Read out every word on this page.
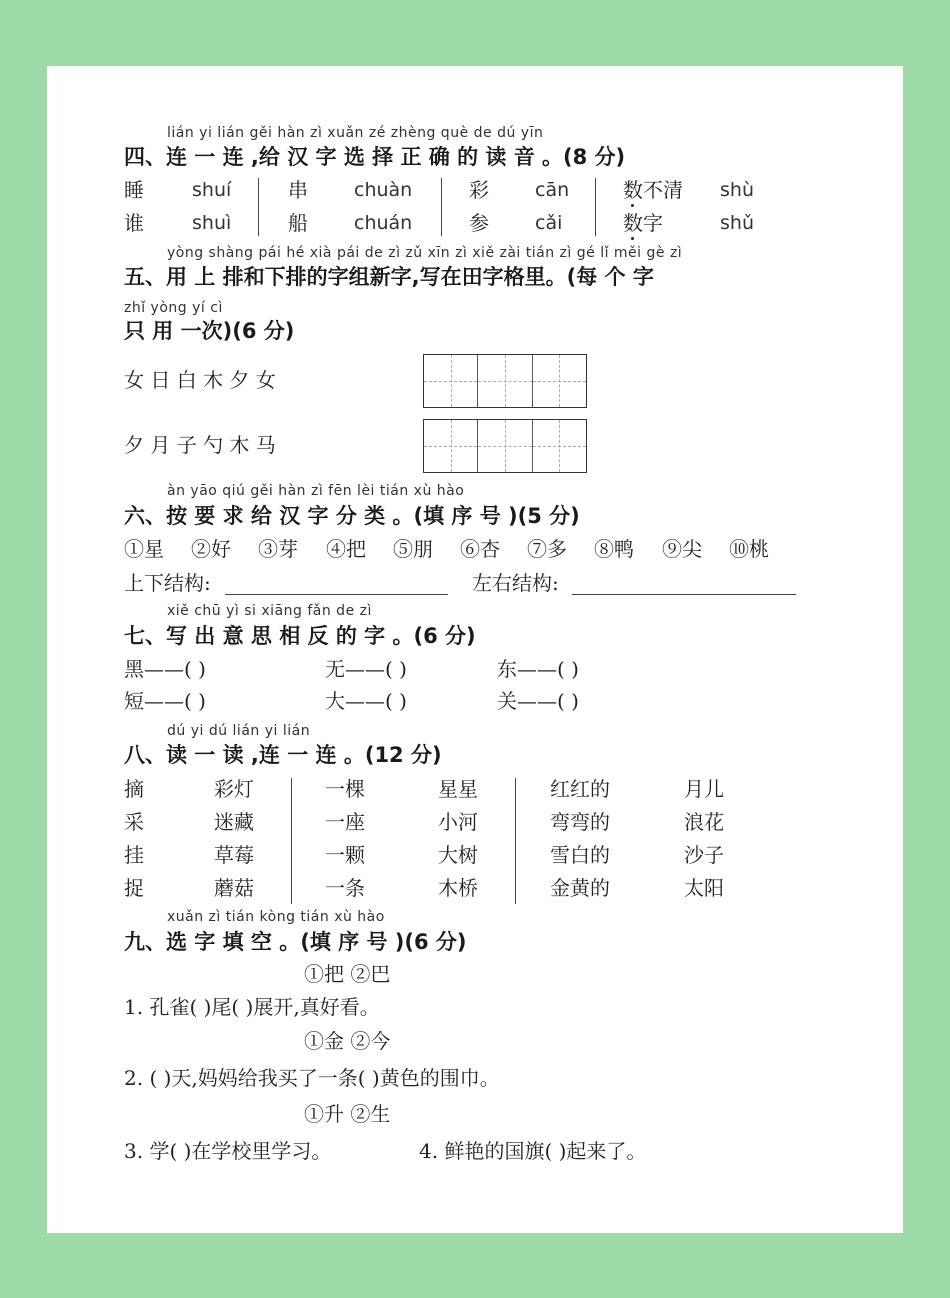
lián yi lián gěi hàn zì xuǎn zé zhèng què de dú yīn
四、连 一 连 ,给 汉 字 选 择 正 确 的 读 音 。(8 分)
睡	shuí	串 chuàn	彩 cān	数不清 shù
谁	shuì	船 chuán	参 cǎi	数字	shǔ
yòng shàng pái hé xià pái de zì zǔ xīn zì xiě zài tián zì gé lǐ měi gè zì
五、用 上 排和下排的字组新字,写在田字格里。(每 个 字
zhǐ yòng yí cì
只 用 一次)(6 分)
女 日 白 木 夕 女
夕 月 子 勺 木 马
àn yāo qiú gěi hàn zì fēn lèi tián xù hào
六、按 要 求 给 汉 字 分 类 。(填 序 号 )(5 分)
①星 ②好 ③芽 ④把 ⑤朋 ⑥杏 ⑦多 ⑧鸭 ⑨尖 ⑩桃
上下结构:	左右结构:
xiě chū yì si xiāng fǎn de zì
七、写 出 意 思 相 反 的 字 。(6 分)
黑——( )	无——( )	东——( )
短——( )	大——( )	关——( )
dú yi dú lián yi lián
八、读 一 读 ,连 一 连 。(12 分)
摘	彩灯	一棵	星星	红红的	月儿
采	迷藏	一座	小河	弯弯的	浪花
挂	草莓	一颗	大树	雪白的	沙子
捉	蘑菇	一条	木桥	金黄的	太阳
xuǎn zì tián kòng tián xù hào
九、选 字 填 空 。(填 序 号 )(6 分)
①把 ②巴
1. 孔雀( )尾( )展开,真好看。
①金 ②今
2. ( )天,妈妈给我买了一条( )黄色的围巾。
①升 ②生
3. 学( )在学校里学习。	4. 鲜艳的国旗( )起来了。
